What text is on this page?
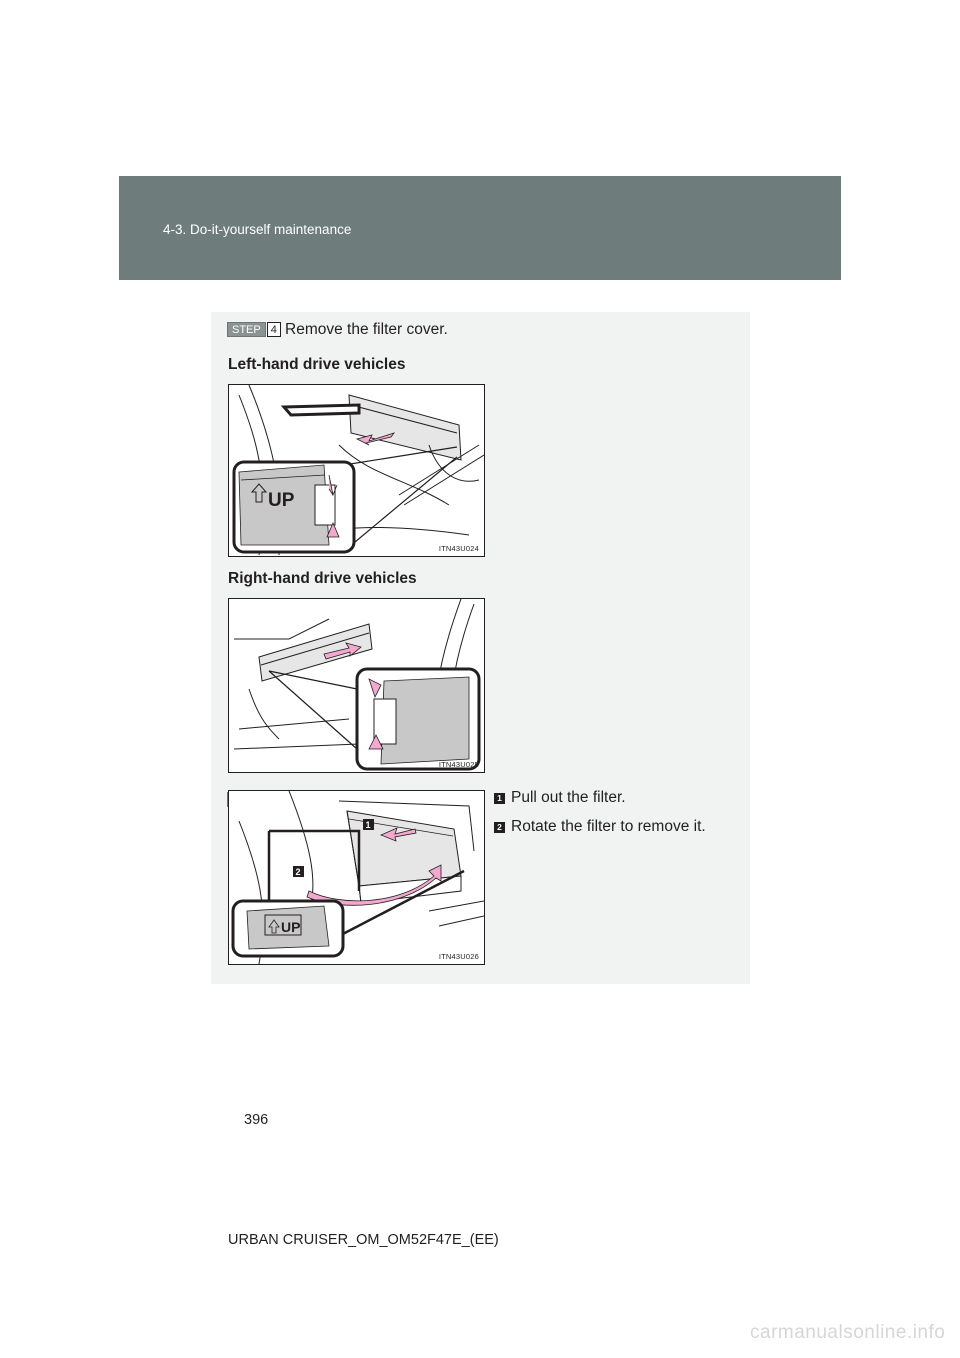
4-3. Do-it-yourself maintenance
STEP 4 Remove the filter cover.
Left-hand drive vehicles
UP
ITN43U024
Right-hand drive vehicles
ITN43U025
STEP 5
1
2
UP
ITN43U026
1 Pull out the filter.
2 Rotate the filter to remove it.
396
URBAN CRUISER_OM_OM52F47E_(EE)
carmanualsonline.info
